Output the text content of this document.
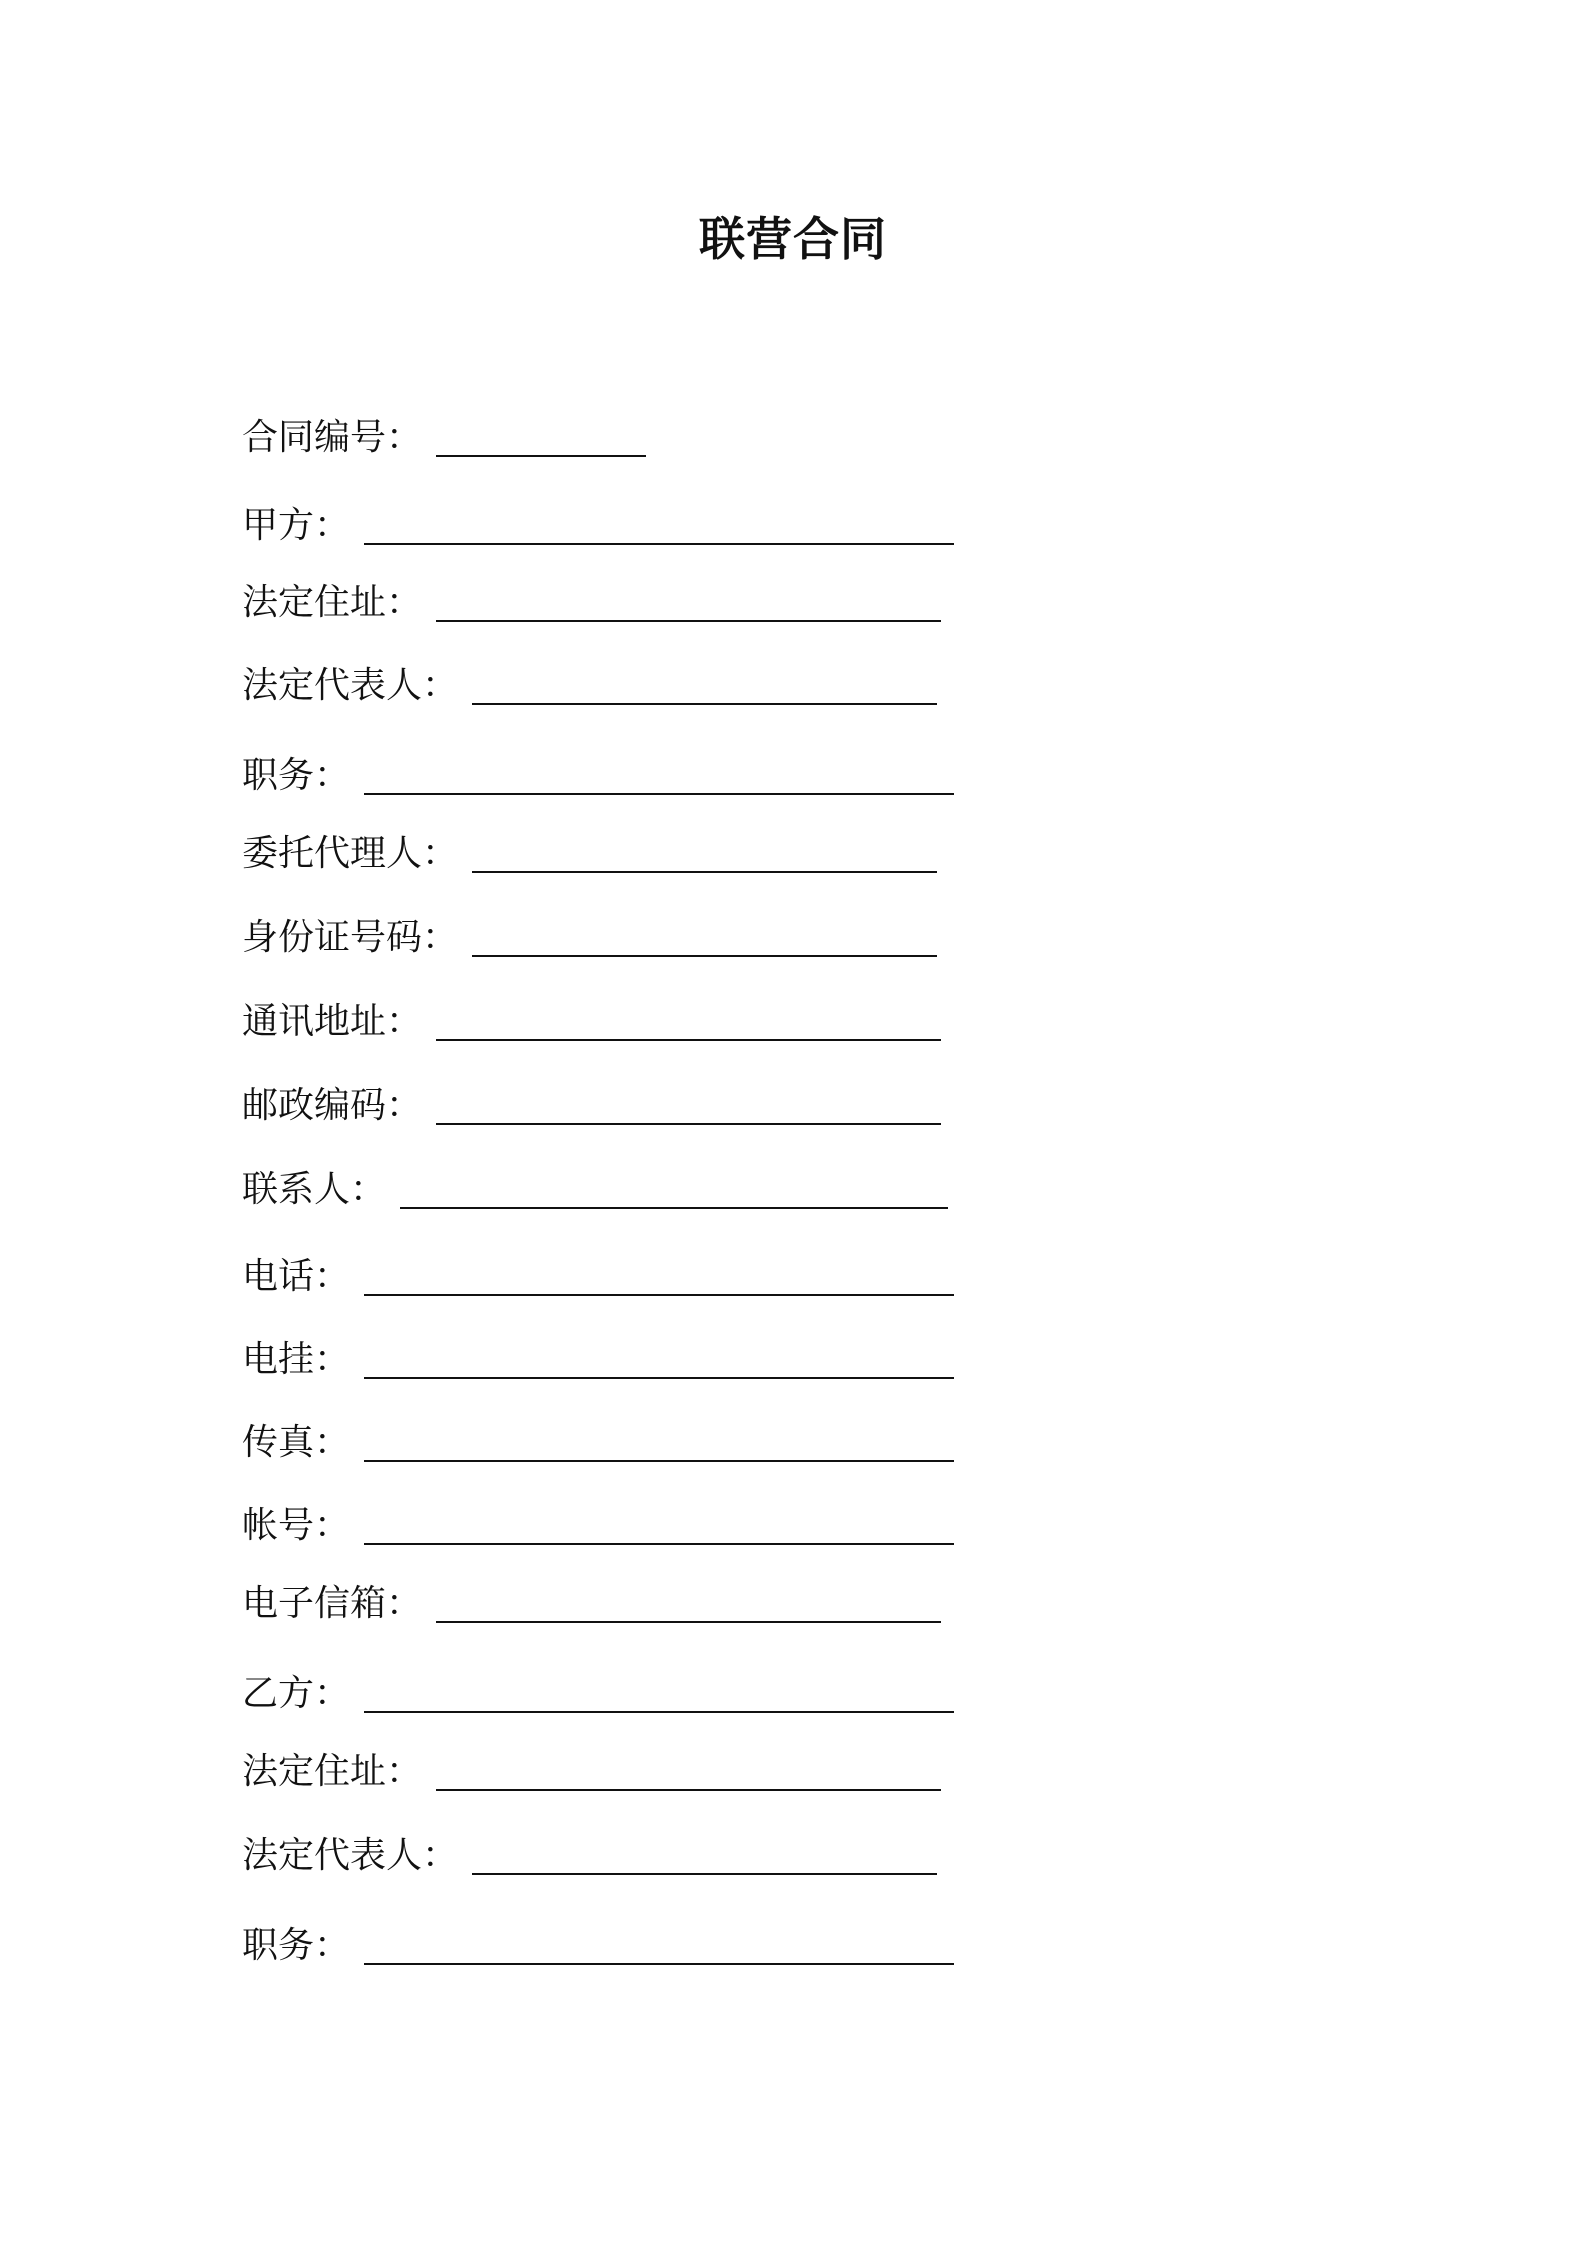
联营合同
合同编号 ：
甲方 ：
法定住址 ：
法定代表人 ：
职务 ：
委托代理人 ：
身份证号码 ：
通讯地址 ：
邮政编码 ：
联系人 ：
电话 ：
电挂 ：
传真 ：
帐号 ：
电子信箱 ：
乙方 ：
法定住址 ：
法定代表人 ：
职务 ：
